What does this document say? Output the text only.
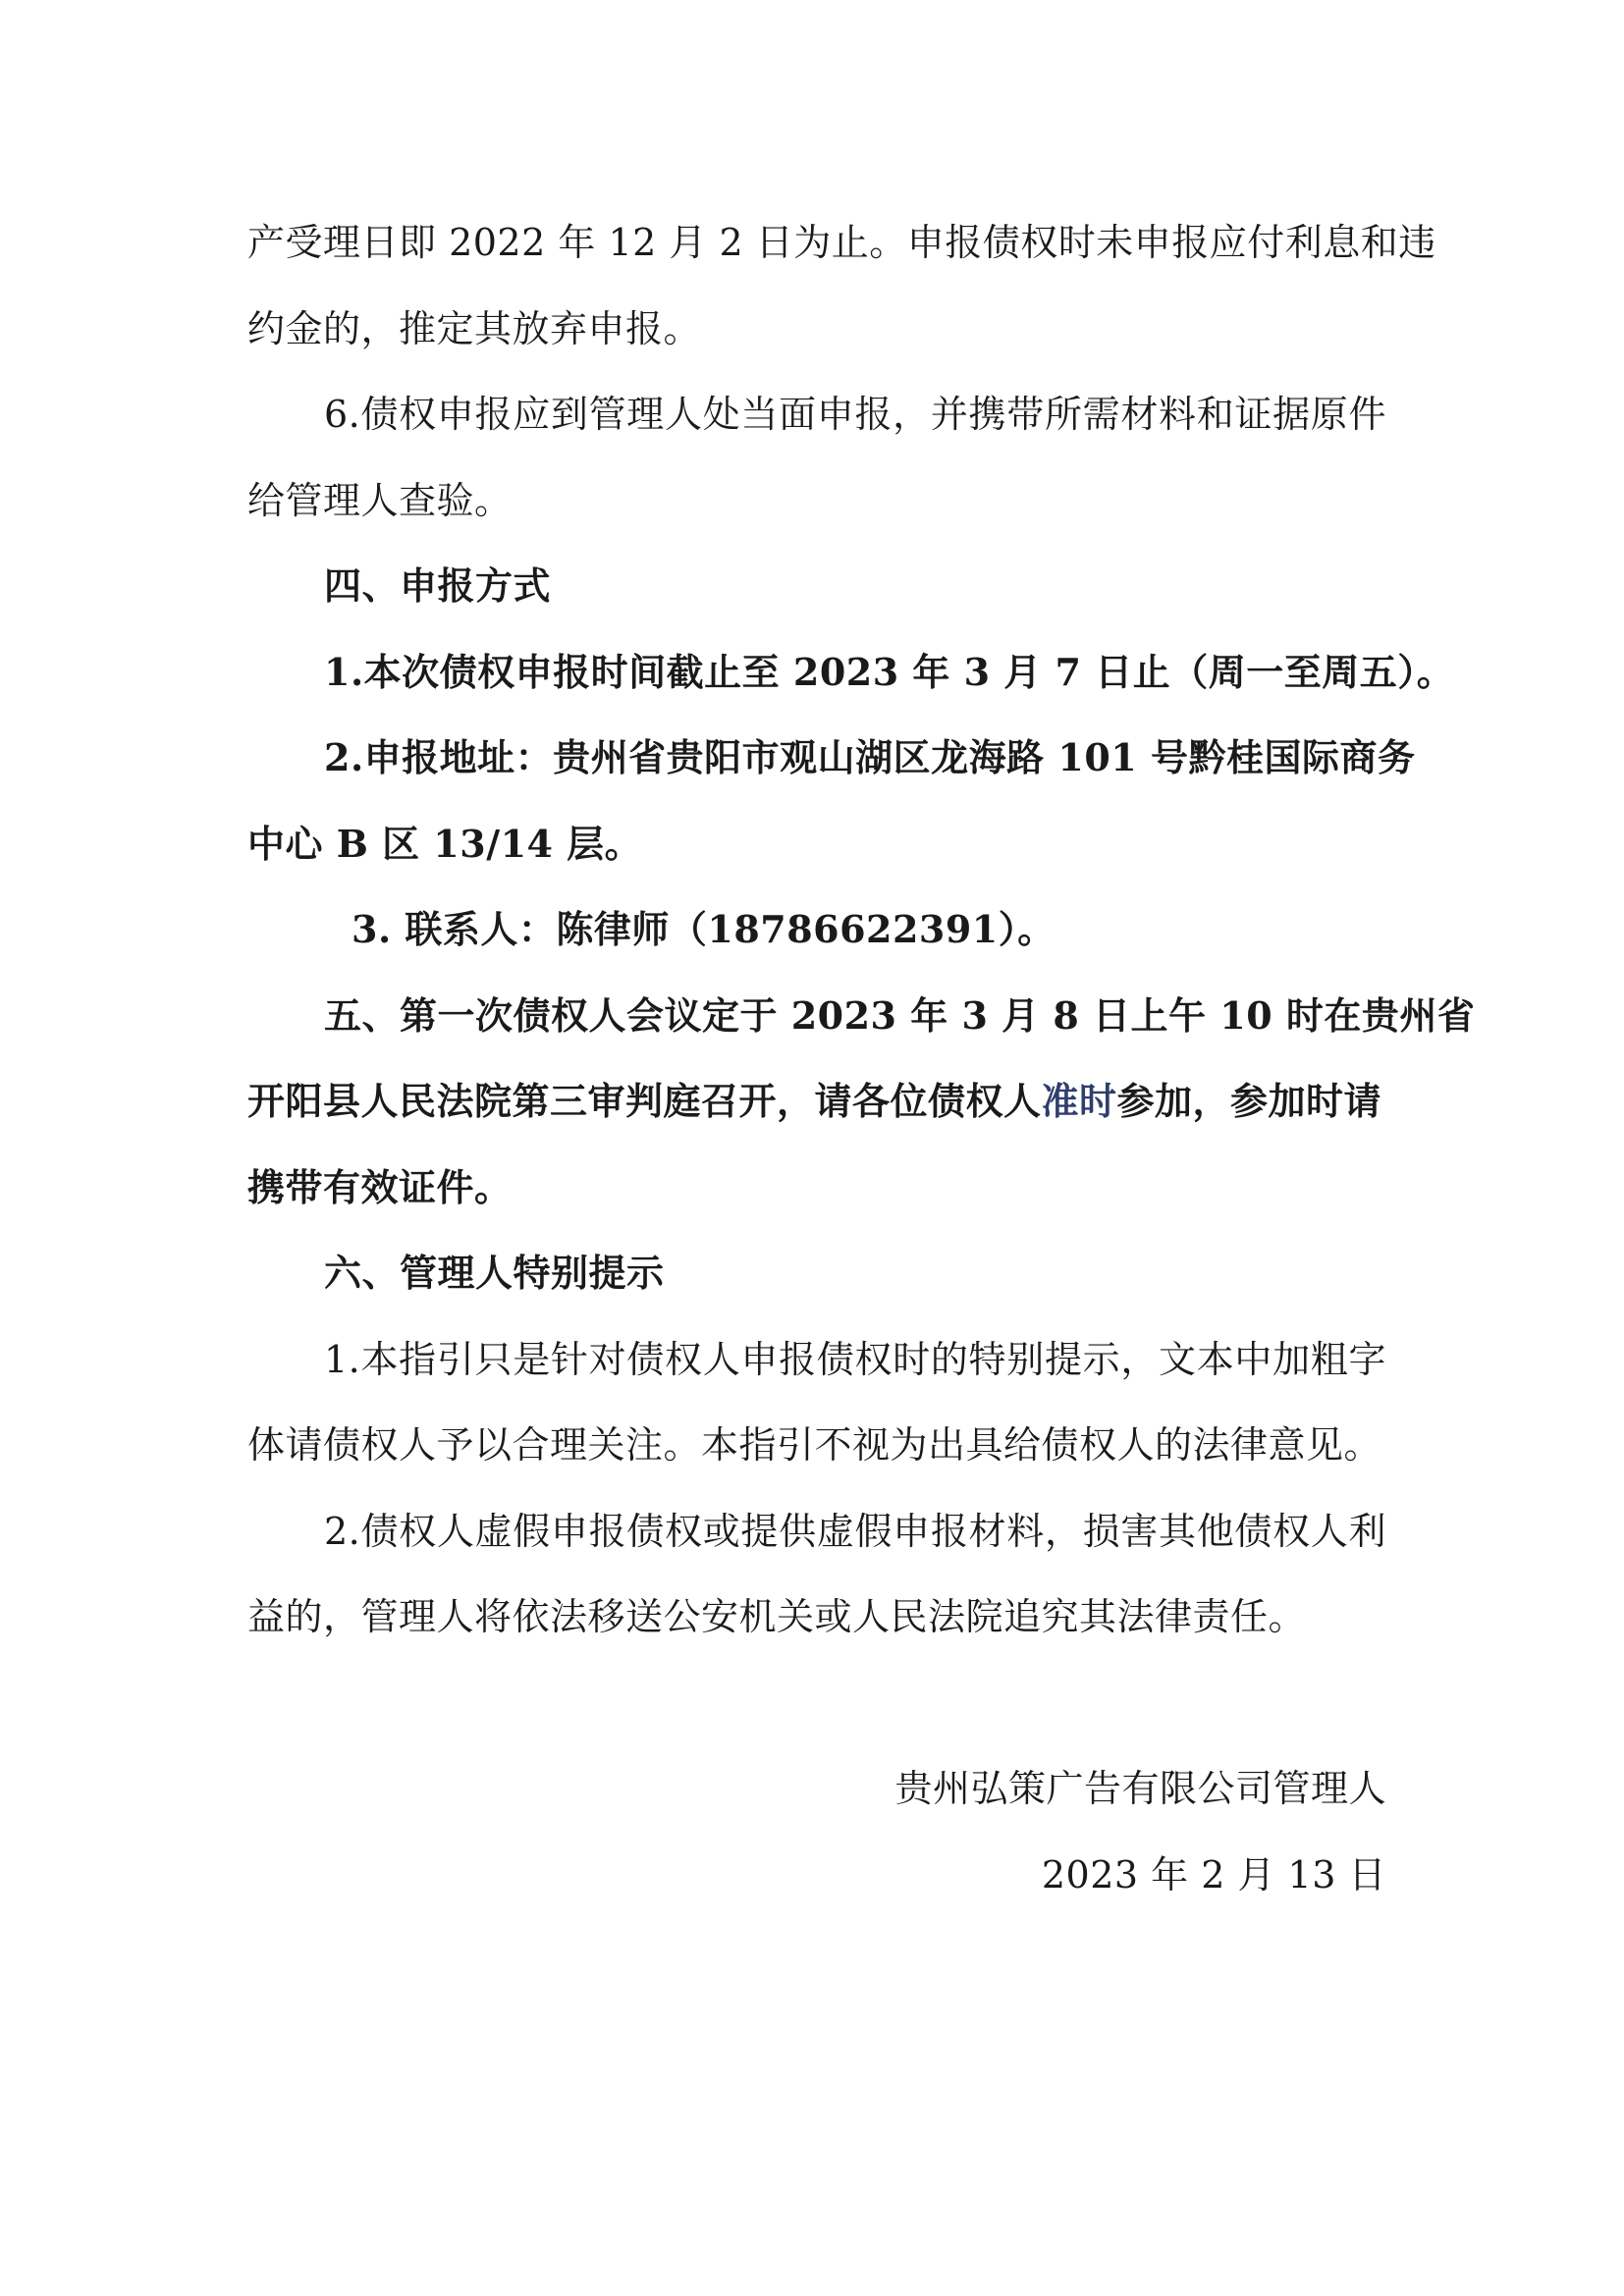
产受理日即 2022 年 12 月 2 日为止。申报债权时未申报应付利息和违
约金的，推定其放弃申报。
6.债权申报应到管理人处当面申报，并携带所需材料和证据原件
给管理人查验。
四、申报方式
1.本次债权申报时间截止至 2023 年 3 月 7 日止（周一至周五）。
2.申报地址：贵州省贵阳市观山湖区龙海路 101 号黔桂国际商务
中心 B 区 13/14 层。
3. 联系人：陈律师（18786622391）。
五、第一次债权人会议定于 2023 年 3 月 8 日上午 10 时在贵州省
开阳县人民法院第三审判庭召开，请各位债权人准时参加，参加时请
携带有效证件。
六、管理人特别提示
1.本指引只是针对债权人申报债权时的特别提示，文本中加粗字
体请债权人予以合理关注。本指引不视为出具给债权人的法律意见。
2.债权人虚假申报债权或提供虚假申报材料，损害其他债权人利
益的，管理人将依法移送公安机关或人民法院追究其法律责任。
贵州弘策广告有限公司管理人
2023 年 2 月 13 日
